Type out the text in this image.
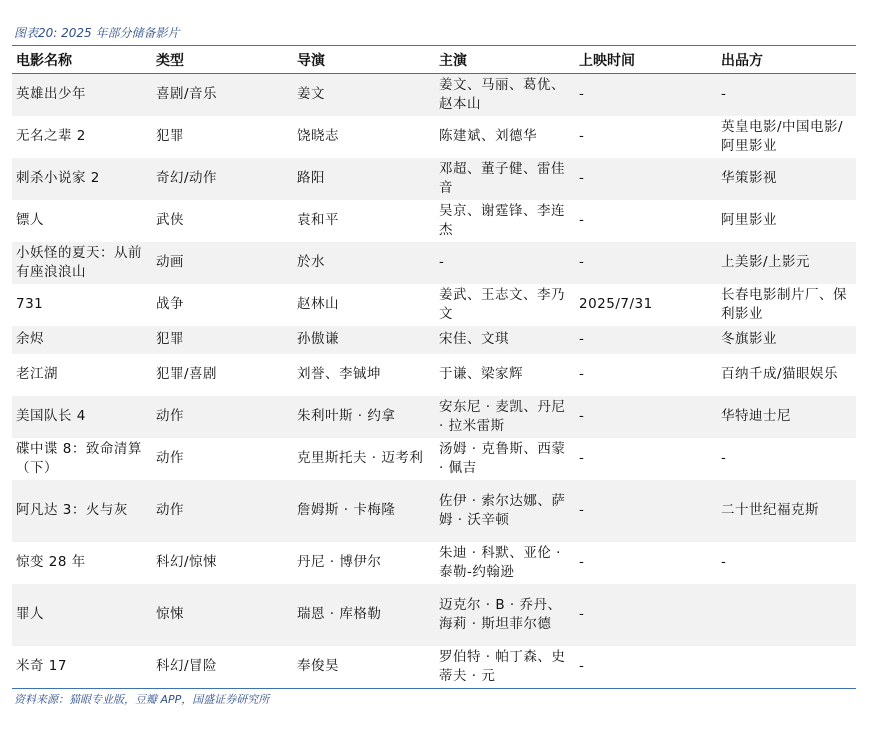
图表20: 2025 年部分储备影片
电影名称	类型	导演	主演	上映时间	出品方
英雄出少年	喜剧/音乐	姜文	姜文、马丽、葛优、赵本山	-	-
无名之辈 2	犯罪	饶晓志	陈建斌、刘德华	-	英皇电影/中国电影/阿里影业
刺杀小说家 2	奇幻/动作	路阳	邓超、董子健、雷佳音	-	华策影视
镖人	武侠	袁和平	吴京、谢霆锋、李连杰	-	阿里影业
小妖怪的夏天：从前有座浪浪山	动画	於水	-	-	上美影/上影元
731	战争	赵林山	姜武、王志文、李乃文	2025/7/31	长春电影制片厂、保利影业
余烬	犯罪	孙傲谦	宋佳、文琪	-	冬旗影业
老江湖	犯罪/喜剧	刘誉、李铖坤	于谦、梁家辉	-	百纳千成/猫眼娱乐
美国队长 4	动作	朱利叶斯 · 约拿	安东尼 · 麦凯、丹尼 · 拉米雷斯	-	华特迪士尼
碟中谍 8：致命清算（下）	动作	克里斯托夫 · 迈考利	汤姆 · 克鲁斯、西蒙 · 佩吉	-	-
阿凡达 3：火与灰	动作	詹姆斯 · 卡梅隆	佐伊 · 索尔达娜、萨姆 · 沃辛顿	-	二十世纪福克斯
惊变 28 年	科幻/惊悚	丹尼 · 博伊尔	朱迪 · 科默、亚伦 · 泰勒-约翰逊	-	-
罪人	惊悚	瑞恩 · 库格勒	迈克尔 · B · 乔丹、海莉 · 斯坦菲尔德	-	
米奇 17	科幻/冒险	奉俊昊	罗伯特 · 帕丁森、史蒂夫 · 元	-	
资料来源：猫眼专业版，豆瓣 APP，国盛证券研究所
